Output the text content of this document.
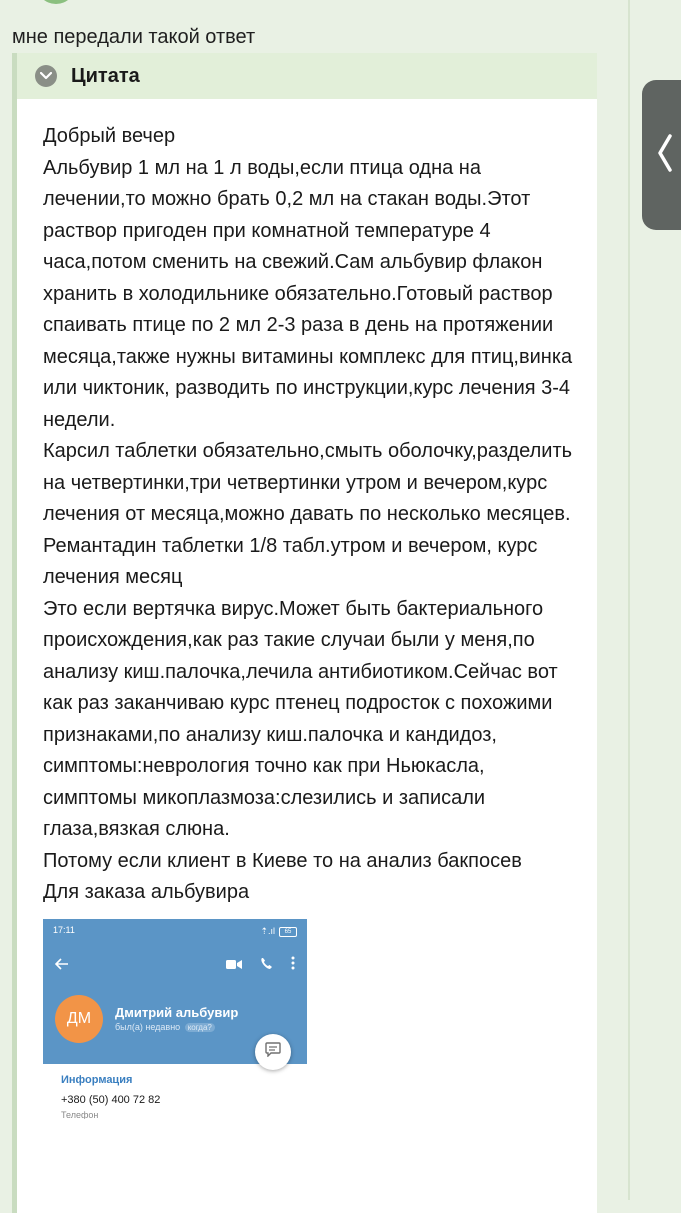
мне передали такой ответ
Цитата

Добрый вечер

Альбувир 1 мл на 1 л воды,если птица одна на лечении,то можно брать 0,2 мл на стакан воды.Этот раствор пригоден при комнатной температуре 4 часа,потом сменить на свежий.Сам альбувир флакон хранить в холодильнике обязательно.Готовый раствор спаивать птице по 2 мл 2-3 раза в день на протяжении месяца,также нужны витамины комплекс для птиц,винка или чиктоник, разводить по инструкции,курс лечения 3-4 недели.

Карсил таблетки обязательно,смыть оболочку,разделить на четвертинки,три четвертинки утром и вечером,курс лечения от месяца,можно давать по несколько месяцев.

Ремантадин таблетки 1/8 табл.утром и вечером, курс лечения месяц

Это если вертячка вирус.Может быть бактериального происхождения,как раз такие случаи были у меня,по анализу киш.палочка,лечила антибиотиком.Сейчас вот как раз заканчиваю курс птенец подросток с похожими признаками,по анализу киш.палочка и кандидоз, симптомы:неврология точно как при Ньюкасла, симптомы микоплазмоза:слезились и записали глаза,вязкая слюна.

Потому если клиент в Киеве то на анализ бакпосев

Для заказа альбувира

17:11	⇡.ıl	65
ДМ	Дмитрий альбувир
был(а) недавно когда?
Информация
+380 (50) 400 72 82
Телефон
